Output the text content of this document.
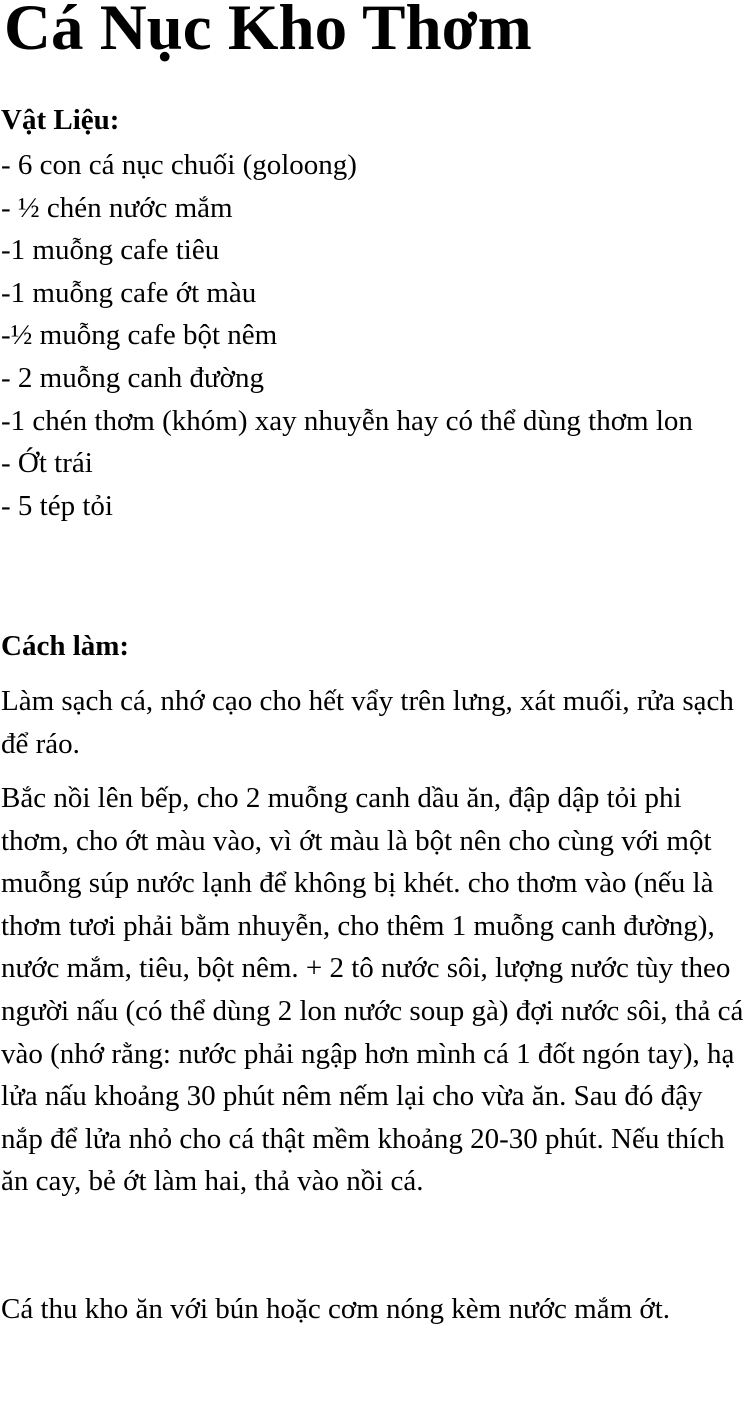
Cá Nục Kho Thơm
Vật Liệu:
- 6 con cá nục chuối (goloong)
- ½ chén nước mắm
-1 muỗng cafe tiêu
-1 muỗng cafe ớt màu
-½ muỗng cafe bột nêm
- 2 muỗng canh đường
-1 chén thơm (khóm) xay nhuyễn hay có thể dùng thơm lon
- Ớt trái
- 5 tép tỏi
Cách làm:

Làm sạch cá, nhớ cạo cho hết vẩy trên lưng, xát muối, rửa sạch để ráo.

Bắc nồi lên bếp, cho 2 muỗng canh dầu ăn, đập dập tỏi phi thơm, cho ớt màu vào, vì ớt màu là bột nên cho cùng với một muỗng súp nước lạnh để không bị khét. cho thơm vào (nếu là thơm tươi phải bằm nhuyễn, cho thêm 1 muỗng canh đường), nước mắm, tiêu, bột nêm. + 2 tô nước sôi, lượng nước tùy theo người nấu (có thể dùng 2 lon nước soup gà) đợi nước sôi, thả cá vào (nhớ rằng: nước phải ngập hơn mình cá 1 đốt ngón tay), hạ lửa nấu khoảng 30 phút nêm nếm lại cho vừa ăn. Sau đó đậy nắp để lửa nhỏ cho cá thật mềm khoảng 20-30 phút. Nếu thích ăn cay, bẻ ớt làm hai, thả vào nồi cá.

Cá thu kho ăn với bún hoặc cơm nóng kèm nước mắm ớt.
